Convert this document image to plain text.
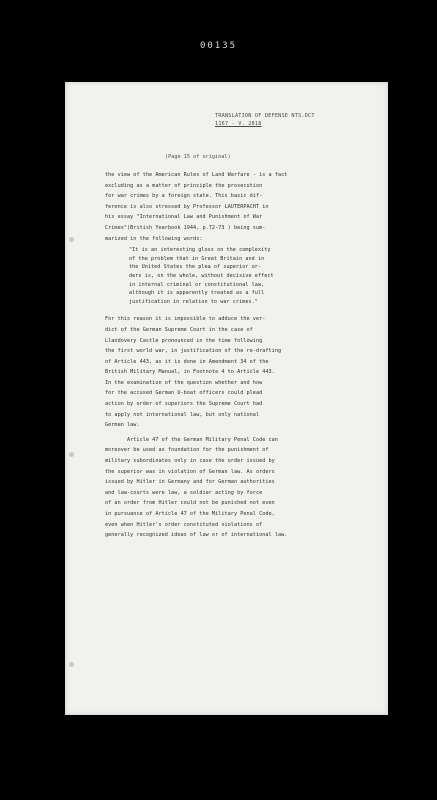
00135
TRANSLATION OF DEFENSE NTS.DCT
1167 - V. 2818
(Page 15 of original)
the view of the American Rules of Land Warfare - is a fact
excluding as a matter of principle the prosecution
for war crimes by a foreign state. This basic dif-
ference is also stressed by Professor LAUTERPACHT in
his essay "International Law and Punishment of War
Crimes"(British Yearbook 1944, p.72-73 ) being sum-
marized in the following words:
"It is an interesting gloss on the complexity
of the problem that in Great Britain and in
the United States the plea of superior or-
ders is, on the whole, without decisive effect
in internal criminal or constitutional law,
although it is apparently treated as a full
justification in relation to war crimes."
For this reason it is impossible to adduce the ver-
dict of the German Supreme Court in the case of
Llandovery Castle pronounced in the time following
the first world war, in justification of the re-drafting
of Article 443, as it is done in Amendment 34 of the
British Military Manual, in Footnote 4 to Article 443.
In the examination of the question whether and how
for the accused German U-boat officers could plead
action by order of superiors the Supreme Court had
to apply not international law, but only national
German law.
Article 47 of the German Military Penal Code can
moreover be used as foundation for the punishment of
military subordinates only in case the order issued by
the superior was in violation of German law. As orders
issued by Hitler in Germany and for German authorities
and law-courts were law, a soldier acting by force
of an order from Hitler could not be punished not even
in pursuance of Article 47 of the Military Penal Code,
even when Hitler's order constituted violations of
generally recognized ideas of law or of international law.
